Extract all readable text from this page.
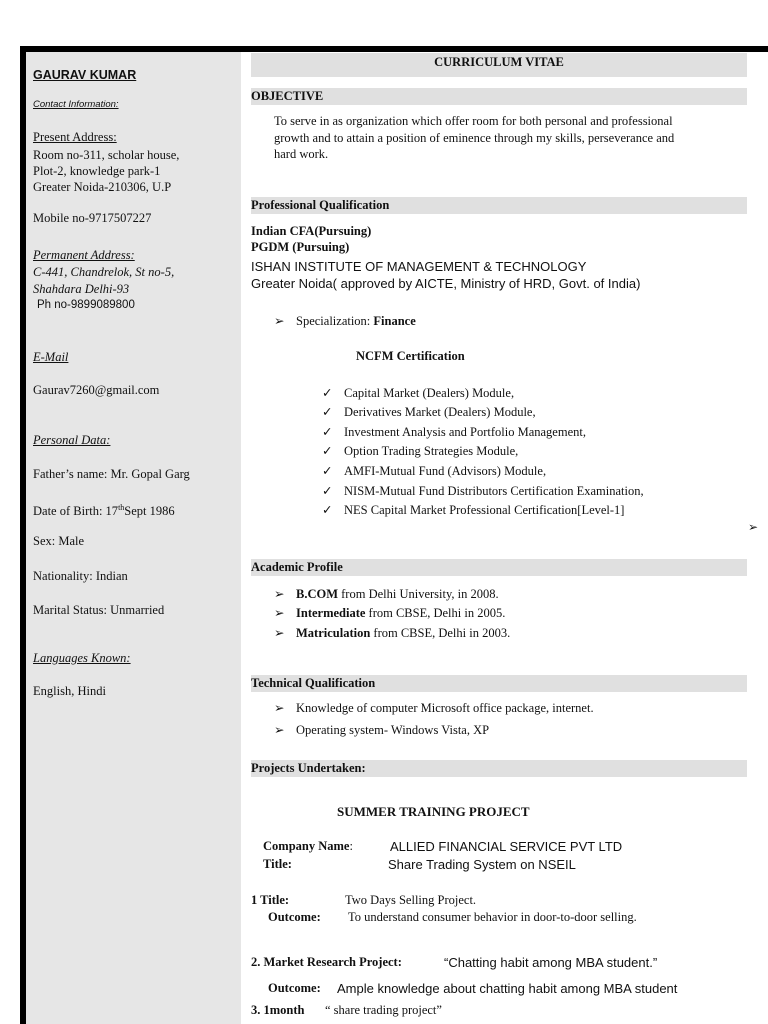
GAURAV KUMAR
Contact Information:
Present Address:
Room no-311, scholar house,
Plot-2, knowledge park-1
Greater Noida-210306, U.P
Mobile no-9717507227
Permanent Address:
C-441, Chandrelok, St no-5,
Shahdara Delhi-93
Ph no-9899089800
E-Mail
Gaurav7260@gmail.com
Personal Data:
Father’s name: Mr. Gopal Garg
Date of Birth: 17thSept 1986
Sex: Male
Nationality: Indian
Marital Status: Unmarried
Languages Known:
English, Hindi
CURRICULUM VITAE
OBJECTIVE
To serve in as organization which offer room for both personal and professional
growth and to attain a position of eminence through my skills, perseverance and
hard work.
Professional Qualification
Indian CFA(Pursuing)
PGDM (Pursuing)
ISHAN INSTITUTE OF MANAGEMENT & TECHNOLOGY
Greater Noida( approved by AICTE, Ministry of HRD, Govt. of India)
➢ Specialization: Finance
NCFM Certification
✓ Capital Market (Dealers) Module,
✓ Derivatives Market (Dealers) Module,
✓ Investment Analysis and Portfolio Management,
✓ Option Trading Strategies Module,
✓ AMFI-Mutual Fund (Advisors) Module,
✓ NISM-Mutual Fund Distributors Certification Examination,
✓ NES Capital Market Professional Certification[Level-1]
➢
Academic Profile
➢ B.COM from Delhi University, in 2008.
➢ Intermediate from CBSE, Delhi in 2005.
➢ Matriculation from CBSE, Delhi in 2003.
Technical Qualification
➢ Knowledge of computer Microsoft office package, internet.
➢ Operating system- Windows Vista, XP
Projects Undertaken:
SUMMER TRAINING PROJECT
Company Name:	ALLIED FINANCIAL SERVICE PVT LTD
Title:	Share Trading System on NSEIL
1 Title:	Two Days Selling Project.
Outcome: To understand consumer behavior in door-to-door selling.
2. Market Research Project:	“Chatting habit among MBA student.”
Outcome: Ample knowledge about chatting habit among MBA student
3. 1month “ share trading project”
